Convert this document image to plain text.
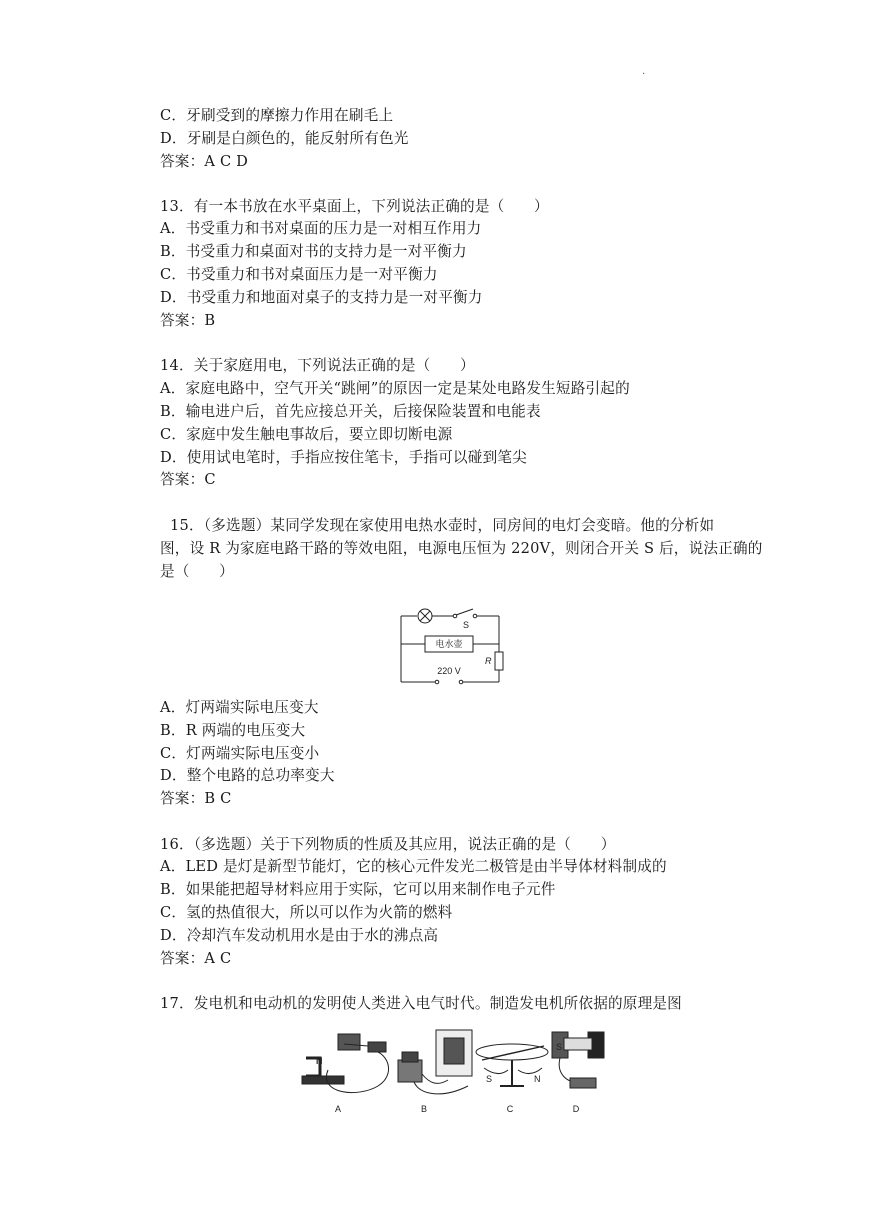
.
C．牙刷受到的摩擦力作用在刷毛上
D．牙刷是白颜色的，能反射所有色光
答案：A C D
13．有一本书放在水平桌面上，下列说法正确的是（　　）
A．书受重力和书对桌面的压力是一对相互作用力
B．书受重力和桌面对书的支持力是一对平衡力
C．书受重力和书对桌面压力是一对平衡力
D．书受重力和地面对桌子的支持力是一对平衡力
答案：B
14．关于家庭用电，下列说法正确的是（　　）
A．家庭电路中，空气开关“跳闸”的原因一定是某处电路发生短路引起的
B．输电进户后，首先应接总开关，后接保险装置和电能表
C．家庭中发生触电事故后，要立即切断电源
D．使用试电笔时，手指应按住笔卡，手指可以碰到笔尖
答案：C
15．（多选题）某同学发现在家使用电热水壶时，同房间的电灯会变暗。他的分析如
图，设 R 为家庭电路干路的等效电阻，电源电压恒为 220V，则闭合开关 S 后，说法正确的
是（　　）
S
电水壶
R
220 V
A．灯两端实际电压变大
B．R 两端的电压变大
C．灯两端实际电压变小
D．整个电路的总功率变大
答案：B C
16．（多选题）关于下列物质的性质及其应用，说法正确的是（　　）
A．LED 是灯是新型节能灯，它的核心元件发光二极管是由半导体材料制成的
B．如果能把超导材料应用于实际，它可以用来制作电子元件
C．氢的热值很大，所以可以作为火箭的燃料
D．冷却汽车发动机用水是由于水的沸点高
答案：A C
17．发电机和电动机的发明使人类进入电气时代。制造发电机所依据的原理是图
N
S	N
S
A	B	C	D
